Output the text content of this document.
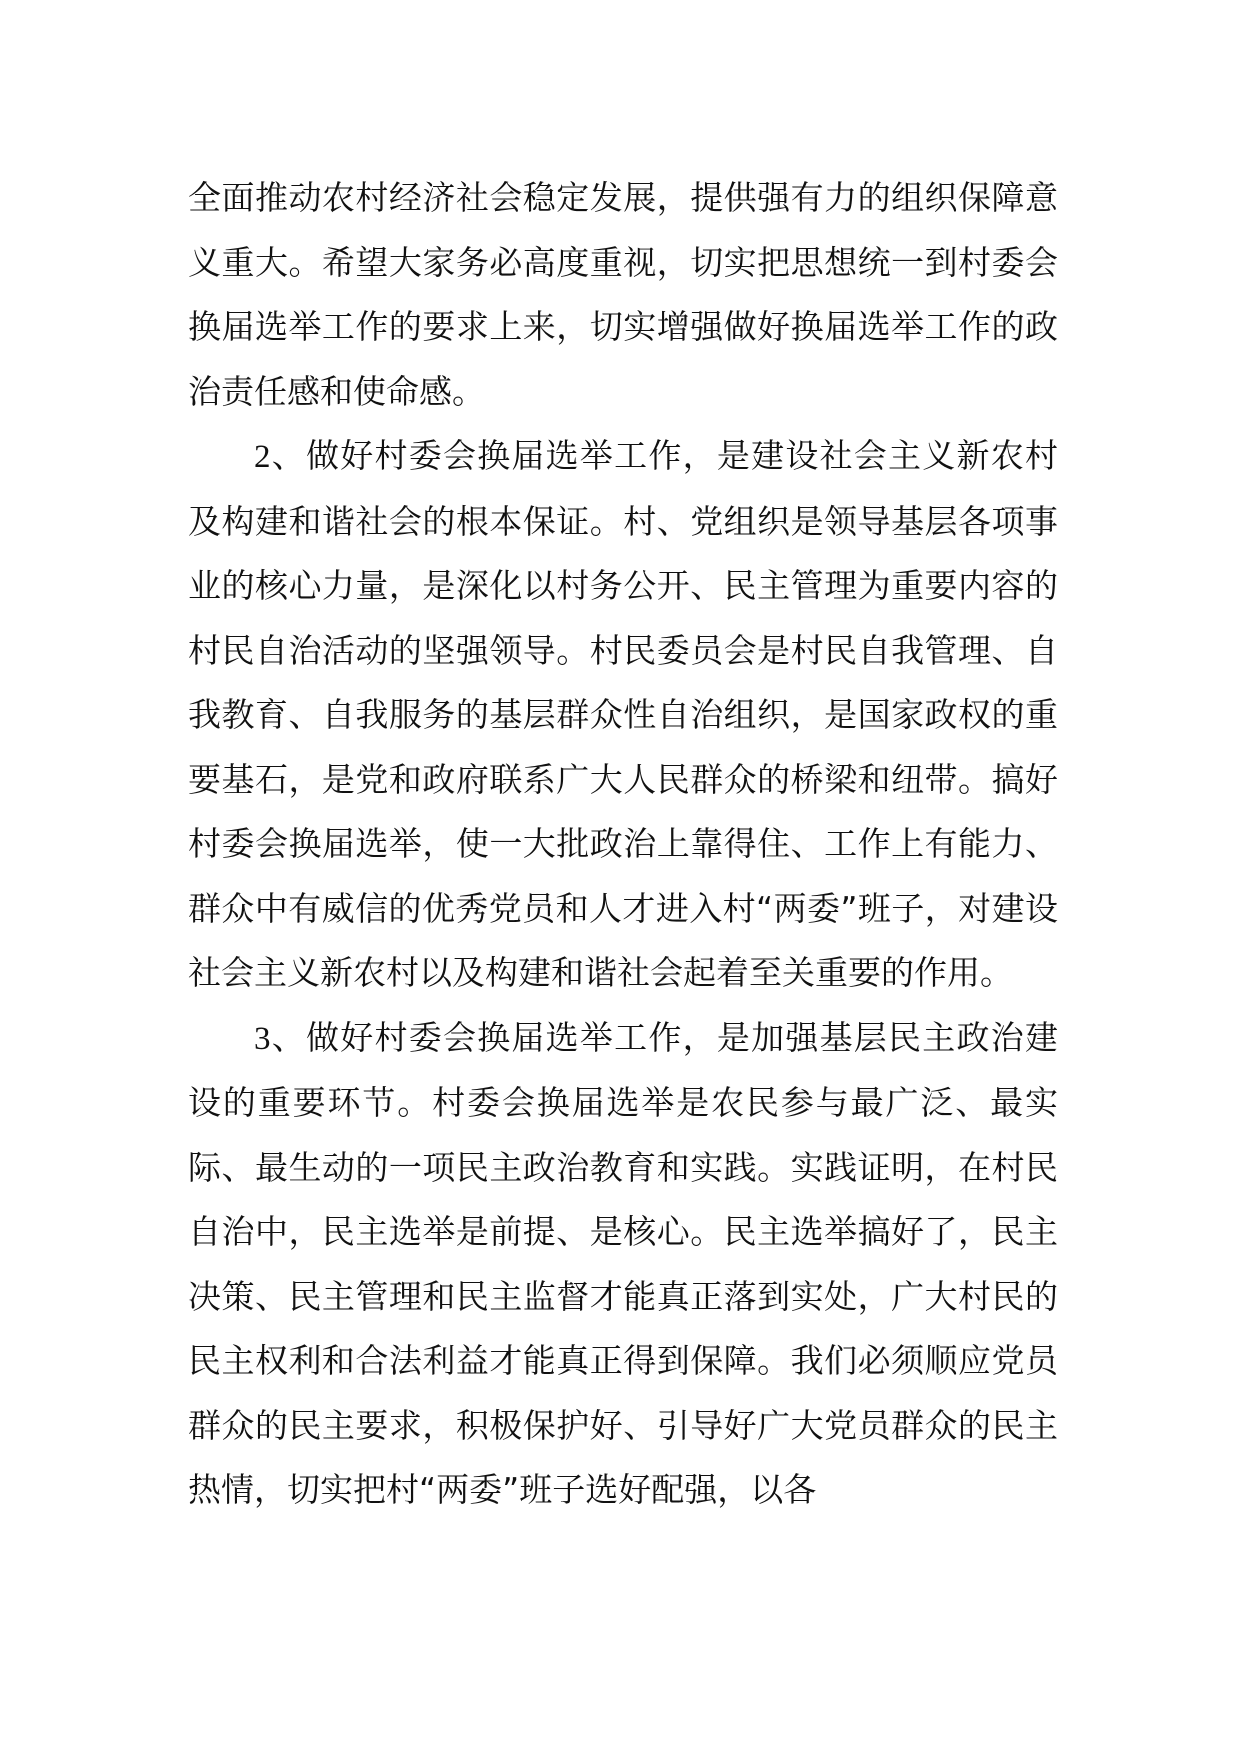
全面推动农村经济社会稳定发展，提供强有力的组织保障意义重大。希望大家务必高度重视，切实把思想统一到村委会换届选举工作的要求上来，切实增强做好换届选举工作的政治责任感和使命感。

2、做好村委会换届选举工作，是建设社会主义新农村及构建和谐社会的根本保证。村、党组织是领导基层各项事业的核心力量，是深化以村务公开、民主管理为重要内容的村民自治活动的坚强领导。村民委员会是村民自我管理、自我教育、自我服务的基层群众性自治组织，是国家政权的重要基石，是党和政府联系广大人民群众的桥梁和纽带。搞好村委会换届选举，使一大批政治上靠得住、工作上有能力、群众中有威信的优秀党员和人才进入村“两委”班子，对建设社会主义新农村以及构建和谐社会起着至关重要的作用。

3、做好村委会换届选举工作，是加强基层民主政治建设的重要环节。村委会换届选举是农民参与最广泛、最实际、最生动的一项民主政治教育和实践。实践证明，在村民自治中，民主选举是前提、是核心。民主选举搞好了，民主决策、民主管理和民主监督才能真正落到实处，广大村民的民主权利和合法利益才能真正得到保障。我们必须顺应党员群众的民主要求，积极保护好、引导好广大党员群众的民主热情，切实把村“两委”班子选好配强，以各
